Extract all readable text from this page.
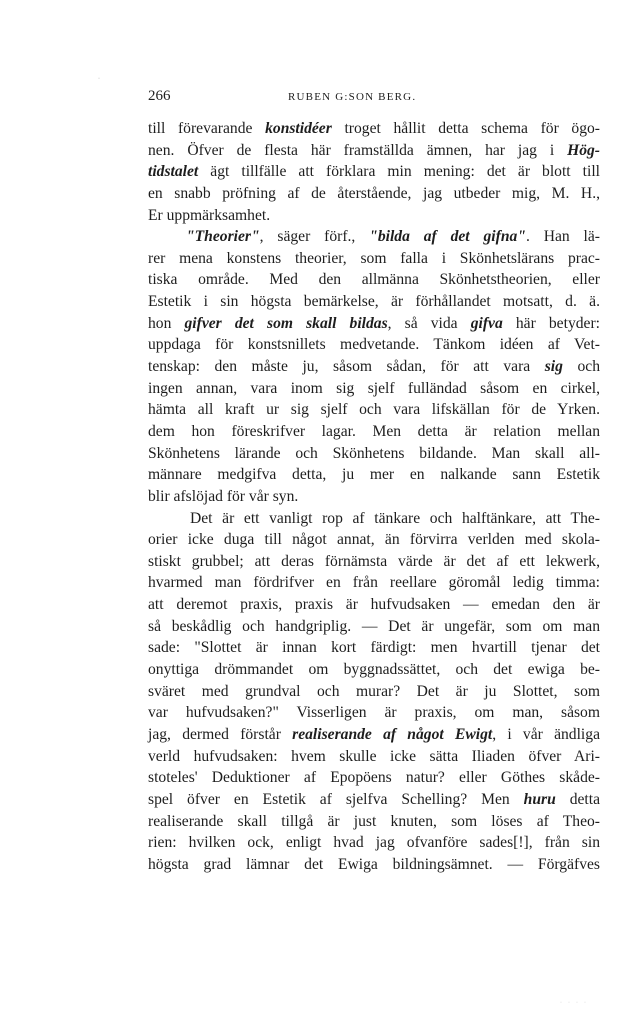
·
266	RUBEN G:SON BERG.
till förevarande konstidéer troget hållit detta schema för ögo-
nen. Öfver de flesta här framställda ämnen, har jag i Hög-
tidstalet ägt tillfälle att förklara min mening: det är blott till
en snabb pröfning af de återstående, jag utbeder mig, M. H.,
Er uppmärksamhet.
"Theorier", säger förf., "bilda af det gifna". Han lä-
rer mena konstens theorier, som falla i Skönhetslärans prac-
tiska område. Med den allmänna Skönhetstheorien, eller
Estetik i sin högsta bemärkelse, är förhållandet motsatt, d. ä.
hon gifver det som skall bildas, så vida gifva här betyder:
uppdaga för konstsnillets medvetande. Tänkom idéen af Vet-
tenskap: den måste ju, såsom sådan, för att vara sig och
ingen annan, vara inom sig sjelf fulländad såsom en cirkel,
hämta all kraft ur sig sjelf och vara lifskällan för de Yrken.
dem hon föreskrifver lagar. Men detta är relation mellan
Skönhetens lärande och Skönhetens bildande. Man skall all-
männare medgifva detta, ju mer en nalkande sann Estetik
blir afslöjad för vår syn.
Det är ett vanligt rop af tänkare och halftänkare, att The-
orier icke duga till något annat, än förvirra verlden med skola-
stiskt grubbel; att deras förnämsta värde är det af ett lekwerk,
hvarmed man fördrifver en från reellare göromål ledig timma:
att deremot praxis, praxis är hufvudsaken — emedan den är
så beskådlig och handgriplig. — Det är ungefär, som om man
sade: "Slottet är innan kort färdigt: men hvartill tjenar det
onyttiga drömmandet om byggnadssättet, och det ewiga be-
sväret med grundval och murar? Det är ju Slottet, som
var hufvudsaken?" Visserligen är praxis, om man, såsom
jag, dermed förstår realiserande af något Ewigt, i vår ändliga
verld hufvudsaken: hvem skulle icke sätta Iliaden öfver Ari-
stoteles' Deduktioner af Epopöens natur? eller Göthes skåde-
spel öfver en Estetik af sjelfva Schelling? Men huru detta
realiserande skall tillgå är just knuten, som löses af Theo-
rien: hvilken ock, enligt hvad jag ofvanföre sades[!], från sin
högsta grad lämnar det Ewiga bildningsämnet. — Förgäfves
····
